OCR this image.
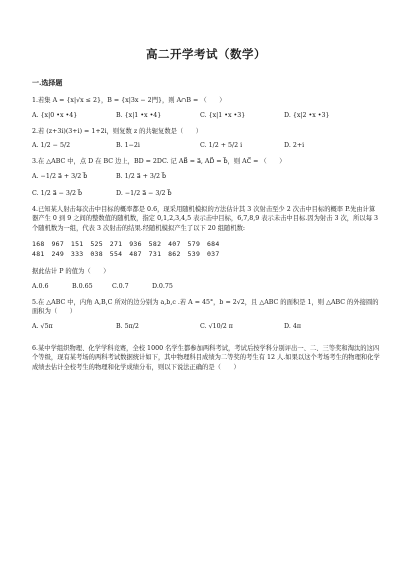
高二开学考试（数学）
一.选择题
1.若集 A = {x|√x ≤ 2}，B = {x|3x − 2門}，则 A∩B = （　　）
A. {x|0 •x •4}	B. {x|1 •x •4}	C. {x|1 •x •3}	D. {x|2 •x •3}
2.若 (z+3i)(3+i) = 1+2i，则复数 z 的共轭复数是（　　）
A. 1/2 − 5/2	B. 1−2i	C. 1/2 + 5/2 i	D. 2+i
3.在 △ABC 中，点 D 在 BC 边上，BD = 2DC. 记 AB⃗ = a⃗, AD⃗ = b⃗，则 AC⃗ = （　　）
A. −1/2 a⃗ + 3/2 b⃗	B. 1/2 a⃗ + 3/2 b⃗
C. 1/2 a⃗ − 3/2 b⃗	D. −1/2 a⃗ − 3/2 b⃗
4.已知某人射击每次击中目标的概率都是 0.6，现采用随机模拟的方法估计其 3 次射击至少 2 次击中目标的概率 P.先由计算器产生 0 到 9 之间的整数值的随机数，指定 0,1,2,3,4,5 表示击中目标，6,7,8,9 表示未击中目标.因为射击 3 次，所以每 3 个随机数为一组，代表 3 次射击的结果.经随机模拟产生了以下 20 组随机数:
168　967　151　525　271　936　582　407　579　684
481　249　333　038　554　487　731　862　539　037
据此估计 P 的值为（　　）
A.0.6	B.0.65	C.0.7	D.0.75
5.在 △ABC 中，内角 A,B,C 所对的边分别为 a,b,c .若 A = 45°，b = 2√2，且 △ABC 的面积是 1，则 △ABC 的外接圆的面积为（　　）
A. √5π	B. 5π/2	C. √10/2 π	D. 4π
6.某中学组织物理、化学学科竞赛，全校 1000 名学生都参加两科考试，考试后按学科分别评出一、二、三等奖和淘汰的这四个等级，现有某考场的两科考试数据统计如下，其中物理科目成绩为二等奖的考生有 12 人.如果以这个考场考生的物理和化学成绩去估计全校考生的物理和化学成绩分布，则以下说法正确的是（　　）
